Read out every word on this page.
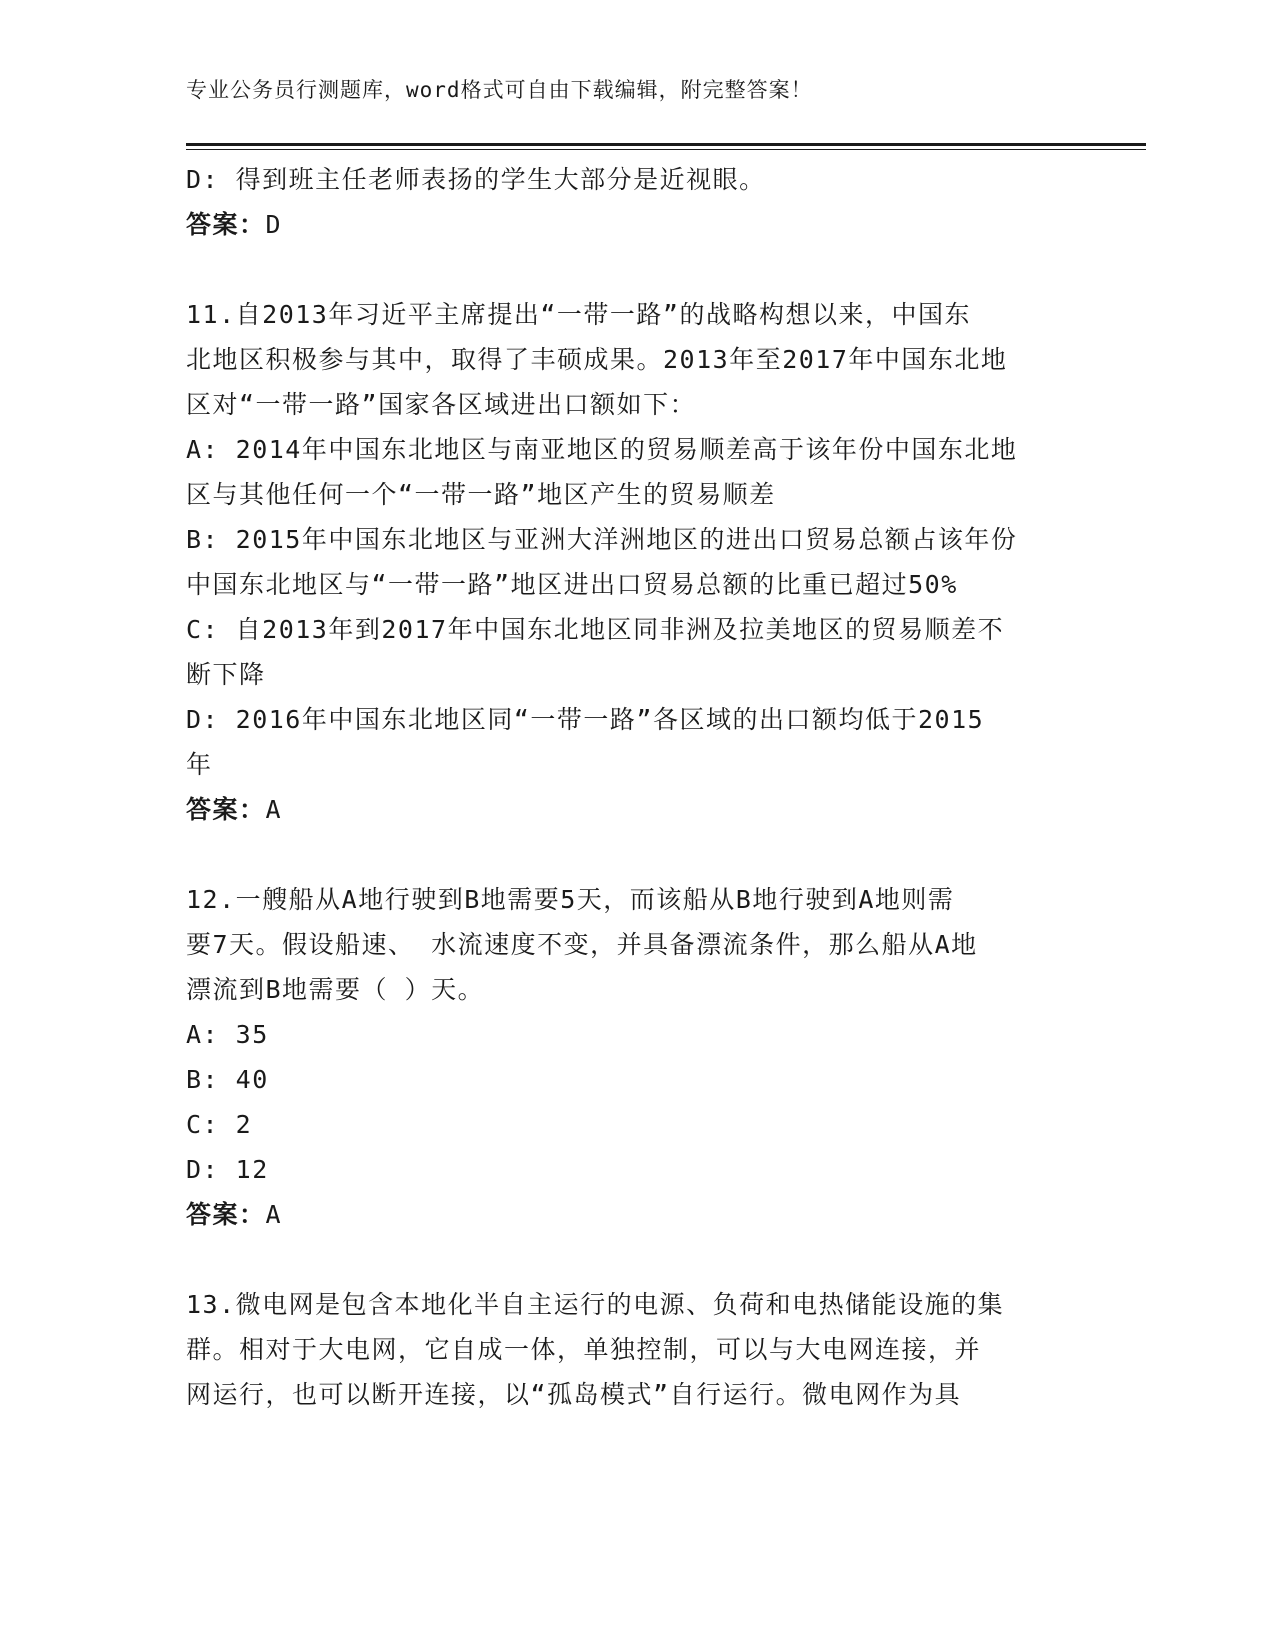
专业公务员行测题库，word格式可自由下载编辑，附完整答案！
D: 得到班主任老师表扬的学生大部分是近视眼。
答案：D
11.自2013年习近平主席提出“一带一路”的战略构想以来，中国东
北地区积极参与其中，取得了丰硕成果。2013年至2017年中国东北地
区对“一带一路”国家各区域进出口额如下：
A: 2014年中国东北地区与南亚地区的贸易顺差高于该年份中国东北地
区与其他任何一个“一带一路”地区产生的贸易顺差
B: 2015年中国东北地区与亚洲大洋洲地区的进出口贸易总额占该年份
中国东北地区与“一带一路”地区进出口贸易总额的比重已超过50%
C: 自2013年到2017年中国东北地区同非洲及拉美地区的贸易顺差不
断下降
D: 2016年中国东北地区同“一带一路”各区域的出口额均低于2015
年
答案：A
12.一艘船从A地行驶到B地需要5天，而该船从B地行驶到A地则需
要7天。假设船速、 水流速度不变，并具备漂流条件，那么船从A地
漂流到B地需要（ ）天。
A: 35
B: 40
C: 2
D: 12
答案：A
13.微电网是包含本地化半自主运行的电源、负荷和电热储能设施的集
群。相对于大电网，它自成一体，单独控制，可以与大电网连接，并
网运行，也可以断开连接，以“孤岛模式”自行运行。微电网作为具
